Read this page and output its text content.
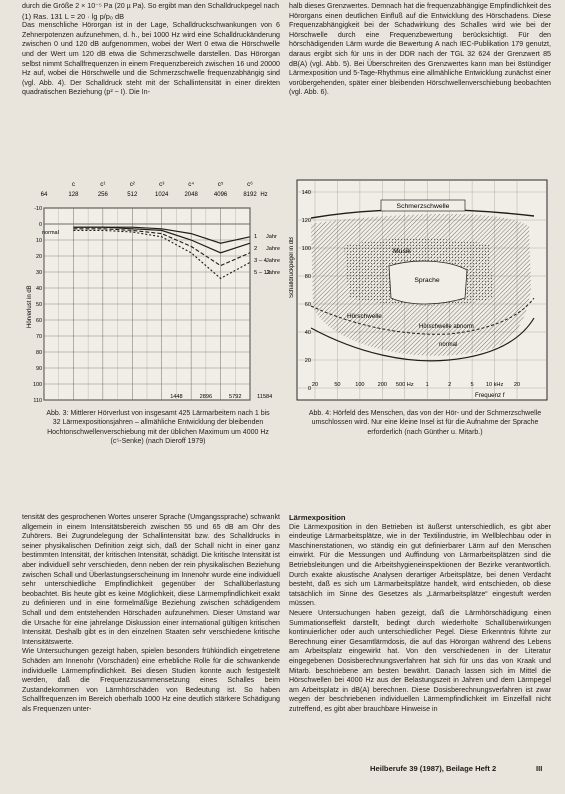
durch die Größe 2 × 10⁻⁵ Pa (20 µ Pa). So ergibt man den Schalldruckpegel nach

(1) Ras. 131 L = 20 · lg p/p₀ dB

Das menschliche Hörorgan ist in der Lage, Schalldruckschwankungen von 6 Zehnerpotenzen aufzunehmen, d. h., bei 1000 Hz wird eine Schalldruckänderung zwischen 0 und 120 dB aufgenommen, wobei der Wert 0 etwa die Hörschwelle und der Wert um 120 dB etwa die Schmerzschwelle darstellen. Das Hörorgan selbst nimmt Schallfrequenzen in einem Frequenzbereich zwischen 16 und 20000 Hz auf, wobei die Hörschwelle und die Schmerzschwelle frequenzabhängig sind (vgl. Abb. 4). Der Schalldruck steht mit der Schallintensität in einer direkten quadratischen Beziehung (p² ~ I). Die In-

halb dieses Grenzwertes. Demnach hat die frequenzabhängige Empfindlichkeit des Hörorgans einen deutlichen Einfluß auf die Entwicklung des Hörschadens. Diese Frequenzabhängigkeit bei der Schadwirkung des Schalles wird wie bei der Hörschwelle durch eine Frequenzbewertung berücksichtigt. Für den hörschädigenden Lärm wurde die Bewertung A nach IEC-Publikation 179 genutzt, daraus ergibt sich für uns in der DDR nach der TGL 32 624 der Grenzwert 85 dB(A) (vgl. Abb. 5). Bei Überschreiten des Grenzwertes kann man bei 8stündiger Lärmexposition und 5-Tage-Rhythmus eine allmähliche Entwicklung zunächst einer vorübergehenden, später einer bleibenden Hörschwellenverschiebung beobachten (vgl. Abb. 6).

c	c¹	c²	c³	c⁴	c⁵	c⁶
64	128	256	512	1024	2048	4096	8192 Hz
-10
0
10
20
30
40
50
60
70
80
90
100
110
1448	2896	5792	11584
Hörverlust in dB
normal
1 Jahr
2 Jahre
3 – 4 Jahre
5 – 12
Jahre
Abb. 3: Mittlerer Hörverlust von insgesamt 425 Lärmarbeitern nach 1 bis 32 Lärmexpositionsjahren – allmähliche Entwicklung der bleibenden Hochtonschwellenverschiebung mit der üblichen Maximum um 4000 Hz (c⁵-Senke) (nach Dieroff 1979)
Schmerzschwelle
Musik
Sprache
Hörschwelle
normal
Hörschwelle abnorm
140
120
100
80
60
40
20
0
20	50	100 200 500 Hz 1	2	5 10 kHz 20
Schalldruckpegel in dB
Frequenz f
Abb. 4: Hörfeld des Menschen, das von der Hör- und der Schmerzschwelle umschlossen wird. Nur eine kleine Insel ist für die Aufnahme der Sprache erforderlich (nach Günther u. Mitarb.)

tensität des gesprochenen Wortes unserer Sprache (Umgangssprache) schwankt allgemein in einem Intensitätsbereich zwischen 55 und 65 dB am Ohr des Zuhörers. Bei Zugrundelegung der Schallintensität bzw. des Schalldrucks in seiner physikalischen Definition zeigt sich, daß der Schall nicht in einer ganz bestimmten Intensität, der kritischen Intensität, schädigt. Die kritische Intensität ist aber individuell sehr verschieden, denn neben der rein physikalischen Beziehung zwischen Schall und Überlastungserscheinung im Innenohr wurde eine individuell sehr unterschiedliche Empfindlichkeit gegenüber der Schallüberlastung beobachtet. Bis heute gibt es keine Möglichkeit, diese Lärmempfindlichkeit exakt zu definieren und in eine formelmäßige Beziehung zwischen schädigendem Schall und dem entstehenden Hörschaden aufzunehmen. Dieser Umstand war die Ursache für eine jahrelange Diskussion einer international gültigen kritischen Intensität. Deshalb gibt es in den einzelnen Staaten sehr verschiedene kritische Intensitätswerte.

Wie Untersuchungen gezeigt haben, spielen besonders frühkindlich eingetretene Schäden am Innenohr (Vorschäden) eine erhebliche Rolle für die schwankende individuelle Lärmempfindlichkeit. Bei diesen Studien konnte auch festgestellt werden, daß die Frequenzzusammensetzung eines Schalles beim Zustandekommen von Lärmhörschäden von Bedeutung ist. So haben Schallfrequenzen im Bereich oberhalb 1000 Hz eine deutlich stärkere Schädigung als Frequenzen unter-

Lärmexposition

Die Lärmexposition in den Betrieben ist äußerst unterschiedlich, es gibt aber eindeutige Lärmarbeitsplätze, wie in der Textilindustrie, im Wellblechbau oder in Maschinenstationen, wo ständig ein gut definierbarer Lärm auf den Menschen einwirkt. Für die Messungen und Auffindung von Lärmarbeitsplätzen sind die Betriebsleitungen und die Arbeitshygieneinspektionen der Bezirke verantwortlich. Durch exakte akustische Analysen derartiger Arbeitsplätze, bei denen Verdacht besteht, daß es sich um Lärmarbeitsplätze handelt, wird entschieden, ob diese tatsächlich im Sinne des Gesetzes als „Lärmarbeitsplätze“ eingestuft werden müssen.

Neuere Untersuchungen haben gezeigt, daß die Lärmhörschädigung einen Summationseffekt darstellt, bedingt durch wiederholte Schallüberwirkungen kontinuierlicher oder auch unterschiedlicher Pegel. Diese Erkenntnis führte zur Berechnung einer Gesamtlärmdosis, die auf das Hörorgan während des Lebens am Arbeitsplatz eingewirkt hat. Von den verschiedenen in der Literatur eingegebenen Dosisberechnungsverfahren hat sich für uns das von Kraak und Mitarb. beschriebene am besten bewährt. Danach lassen sich im Mittel die Hörschwellen bei 4000 Hz aus der Belastungszeit in Jahren und dem Lärmpegel am Arbeitsplatz in dB(A) berechnen. Diese Dosisberechnungsverfahren ist zwar wegen der beschriebenen individuellen Lärmempfindlichkeit im Einzelfall nicht zutreffend, es gibt aber brauchbare Hinweise in

Heilberufe 39 (1987), Beilage Heft 2	III
